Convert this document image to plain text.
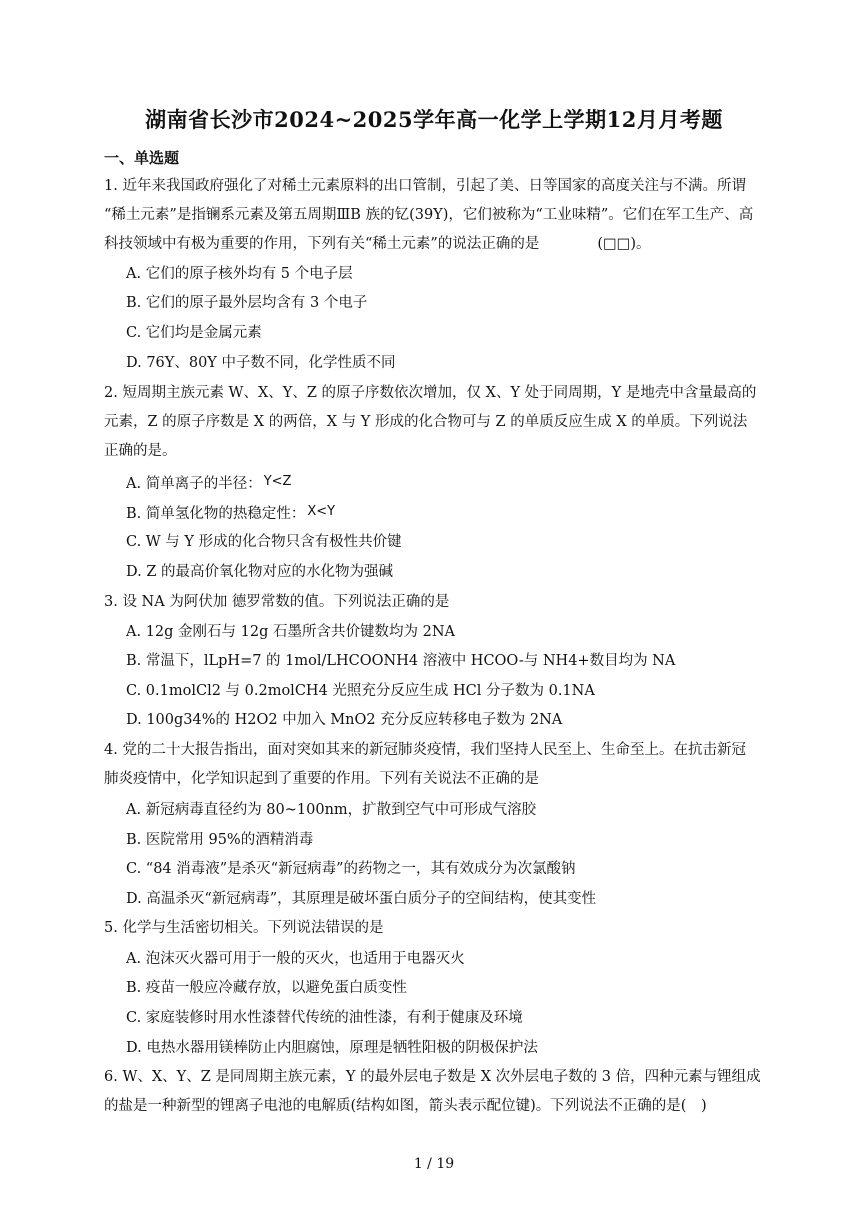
湖南省长沙市2024~2025学年高一化学上学期12月月考题
一、单选题
1. 近年来我国政府强化了对稀土元素原料的出口管制，引起了美、日等国家的高度关注与不满。所谓
“稀土元素”是指镧系元素及第五周期ⅢB 族的钇(39Y)，它们被称为“工业味精”。它们在军工生产、高
科技领域中有极为重要的作用，下列有关“稀土元素”的说法正确的是　　　　(□□)。
A. 它们的原子核外均有 5 个电子层
B. 它们的原子最外层均含有 3 个电子
C. 它们均是金属元素
D. 76Y、80Y 中子数不同，化学性质不同
2. 短周期主族元素 W、X、Y、Z 的原子序数依次增加，仅 X、Y 处于同周期，Y 是地壳中含量最高的
元素，Z 的原子序数是 X 的两倍，X 与 Y 形成的化合物可与 Z 的单质反应生成 X 的单质。下列说法
正确的是。
A. 简单离子的半径： Y<Z
B. 简单氢化物的热稳定性： X<Y
C. W 与 Y 形成的化合物只含有极性共价键
D. Z 的最高价氧化物对应的水化物为强碱
3. 设 NA 为阿伏加 德罗常数的值。下列说法正确的是
A. 12g 金刚石与 12g 石墨所含共价键数均为 2NA
B. 常温下，lLpH=7 的 1mol/LHCOONH4 溶液中 HCOO-与 NH4+数目均为 NA
C. 0.1molCl2 与 0.2molCH4 光照充分反应生成 HCl 分子数为 0.1NA
D. 100g34%的 H2O2 中加入 MnO2 充分反应转移电子数为 2NA
4. 党的二十大报告指出，面对突如其来的新冠肺炎疫情，我们坚持人民至上、生命至上。在抗击新冠
肺炎疫情中，化学知识起到了重要的作用。下列有关说法不正确的是
A. 新冠病毒直径约为 80~100nm，扩散到空气中可形成气溶胶
B. 医院常用 95%的酒精消毒
C. “84 消毒液”是杀灭“新冠病毒”的药物之一，其有效成分为次氯酸钠
D. 高温杀灭“新冠病毒”，其原理是破坏蛋白质分子的空间结构，使其变性
5. 化学与生活密切相关。下列说法错误的是
A. 泡沫灭火器可用于一般的灭火，也适用于电器灭火
B. 疫苗一般应冷藏存放，以避免蛋白质变性
C. 家庭装修时用水性漆替代传统的油性漆，有利于健康及环境
D. 电热水器用镁棒防止内胆腐蚀，原理是牺牲阳极的阴极保护法
6. W、X、Y、Z 是同周期主族元素，Y 的最外层电子数是 X 次外层电子数的 3 倍，四种元素与锂组成
的盐是一种新型的锂离子电池的电解质(结构如图，箭头表示配位键)。下列说法不正确的是(　)
1 / 19
